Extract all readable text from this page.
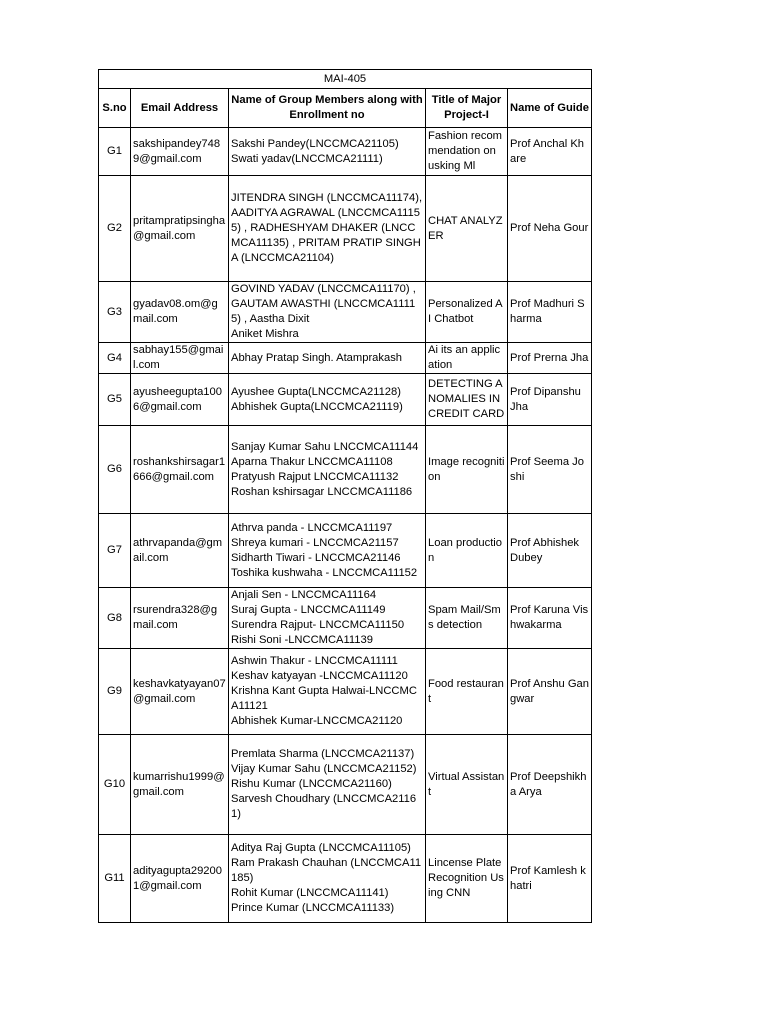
MAI-405				
S.no	Email Address	Name of Group Members along with Enrollment no	Title of Major Project-I	Name of Guide
G1	sakshipandey7489@gmail.com	Sakshi Pandey(LNCCMCA21105)
Swati yadav(LNCCMCA21111)	Fashion recommendation on usking Ml	Prof Anchal Khare
G2	pritampratipsingha@gmail.com	JITENDRA SINGH (LNCCMCA11174), AADITYA AGRAWAL (LNCCMCA11155) , RADHESHYAM DHAKER (LNCCMCA11135) , PRITAM PRATIP SINGHA (LNCCMCA21104)	CHAT ANALYZER	Prof Neha Gour
G3	gyadav08.om@gmail.com	GOVIND YADAV (LNCCMCA11170) , GAUTAM AWASTHI (LNCCMCA11115) , Aastha Dixit
Aniket Mishra	Personalized AI Chatbot	Prof Madhuri Sharma
G4	sabhay155@gmail.com	Abhay Pratap Singh. Atamprakash	Ai its an application	Prof Prerna Jha
G5	ayusheegupta1006@gmail.com	Ayushee Gupta(LNCCMCA21128)
Abhishek Gupta(LNCCMCA21119)	DETECTING ANOMALIES IN CREDIT CARD	Prof Dipanshu Jha
G6	roshankshirsagar1666@gmail.com	Sanjay Kumar Sahu LNCCMCA11144
Aparna Thakur LNCCMCA11108
Pratyush Rajput LNCCMCA11132
Roshan kshirsagar LNCCMCA11186	Image recognition	Prof Seema Joshi
G7	athrvapanda@gmail.com	Athrva panda - LNCCMCA11197
Shreya kumari - LNCCMCA21157
Sidharth Tiwari - LNCCMCA21146
Toshika kushwaha - LNCCMCA11152	Loan production	Prof Abhishek Dubey
G8	rsurendra328@gmail.com	Anjali Sen - LNCCMCA11164
Suraj Gupta - LNCCMCA11149
Surendra Rajput- LNCCMCA11150
Rishi Soni -LNCCMCA11139	Spam Mail/Sms detection	Prof Karuna Vishwakarma
G9	keshavkatyayan07@gmail.com	Ashwin Thakur - LNCCMCA11111
Keshav katyayan -LNCCMCA11120
Krishna Kant Gupta Halwai-LNCCMCA11121
Abhishek Kumar-LNCCMCA21120	Food restaurant	Prof Anshu Gangwar
G10	kumarrishu1999@gmail.com	Premlata Sharma (LNCCMCA21137)
Vijay Kumar Sahu (LNCCMCA21152)
Rishu Kumar (LNCCMCA21160)
Sarvesh Choudhary (LNCCMCA21161)	Virtual Assistant	Prof Deepshikha Arya
G11	adityagupta292001@gmail.com	Aditya Raj Gupta (LNCCMCA11105)
Ram Prakash Chauhan (LNCCMCA11185)
Rohit Kumar (LNCCMCA11141)
Prince Kumar (LNCCMCA11133)	Lincense Plate Recognition Using CNN	Prof Kamlesh khatri
